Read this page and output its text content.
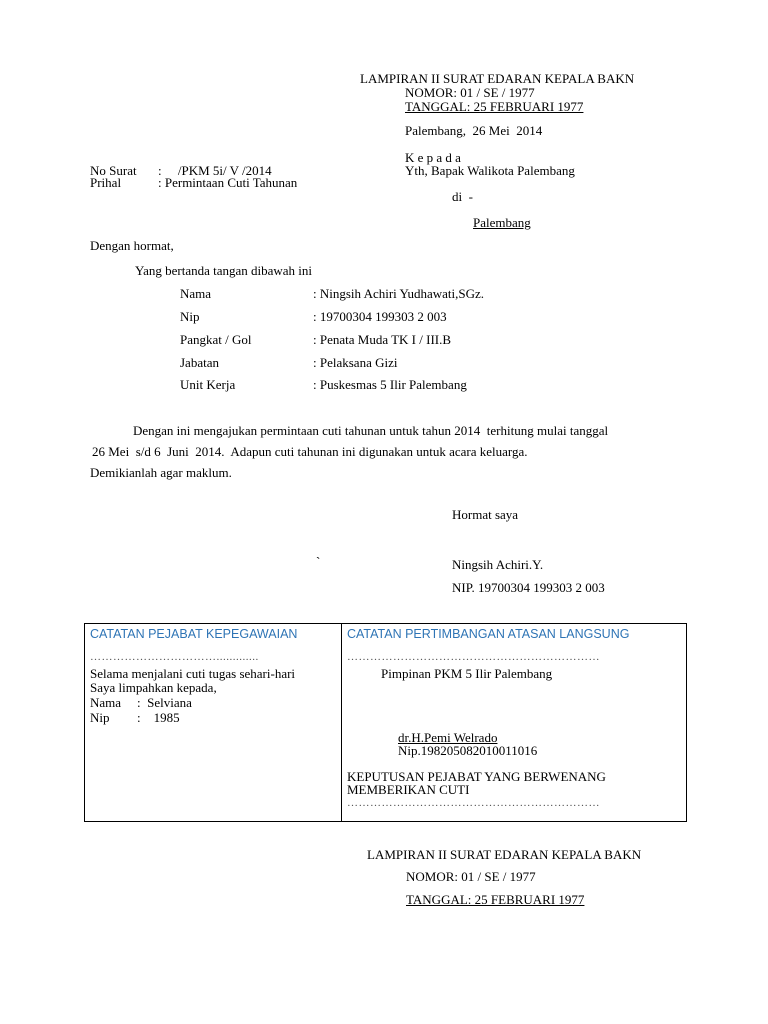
LAMPIRAN II SURAT EDARAN KEPALA BAKN
NOMOR: 01 / SE / 1977
TANGGAL: 25 FEBRUARI 1977
Palembang,  26 Mei  2014
K e p a d a
Yth, Bapak Walikota Palembang
di  -
Palembang
No Surat :     /PKM 5i/ V /2014
Prihal	: Permintaan Cuti Tahunan
Dengan hormat,
Yang bertanda tangan dibawah ini
Nama	: Ningsih Achiri Yudhawati,SGz.
Nip	: 19700304 199303 2 003
Pangkat / Gol	: Penata Muda TK I / III.B
Jabatan	: Pelaksana Gizi
Unit Kerja	: Puskesmas 5 Ilir Palembang
Dengan ini mengajukan permintaan cuti tahunan untuk tahun 2014  terhitung mulai tanggal
26 Mei  s/d 6  Juni  2014.  Adapun cuti tahunan ini digunakan untuk acara keluarga.
Demikianlah agar maklum.
Hormat saya
`	Ningsih Achiri.Y.
NIP. 19700304 199303 2 003
CATATAN PEJABAT KEPEGAWAIAN
…………………………….............
Selama menjalani cuti tugas sehari-hari
Saya limpahkan kepada,
Nama :  Selviana
Nip :    1985
CATATAN PERTIMBANGAN ATASAN LANGSUNG
…………………………………………………………
Pimpinan PKM 5 Ilir Palembang
dr.H.Pemi Welrado
Nip.198205082010011016
KEPUTUSAN PEJABAT YANG BERWENANG
MEMBERIKAN CUTI
…………………………………………………………
LAMPIRAN II SURAT EDARAN KEPALA BAKN
NOMOR: 01 / SE / 1977
TANGGAL: 25 FEBRUARI 1977
